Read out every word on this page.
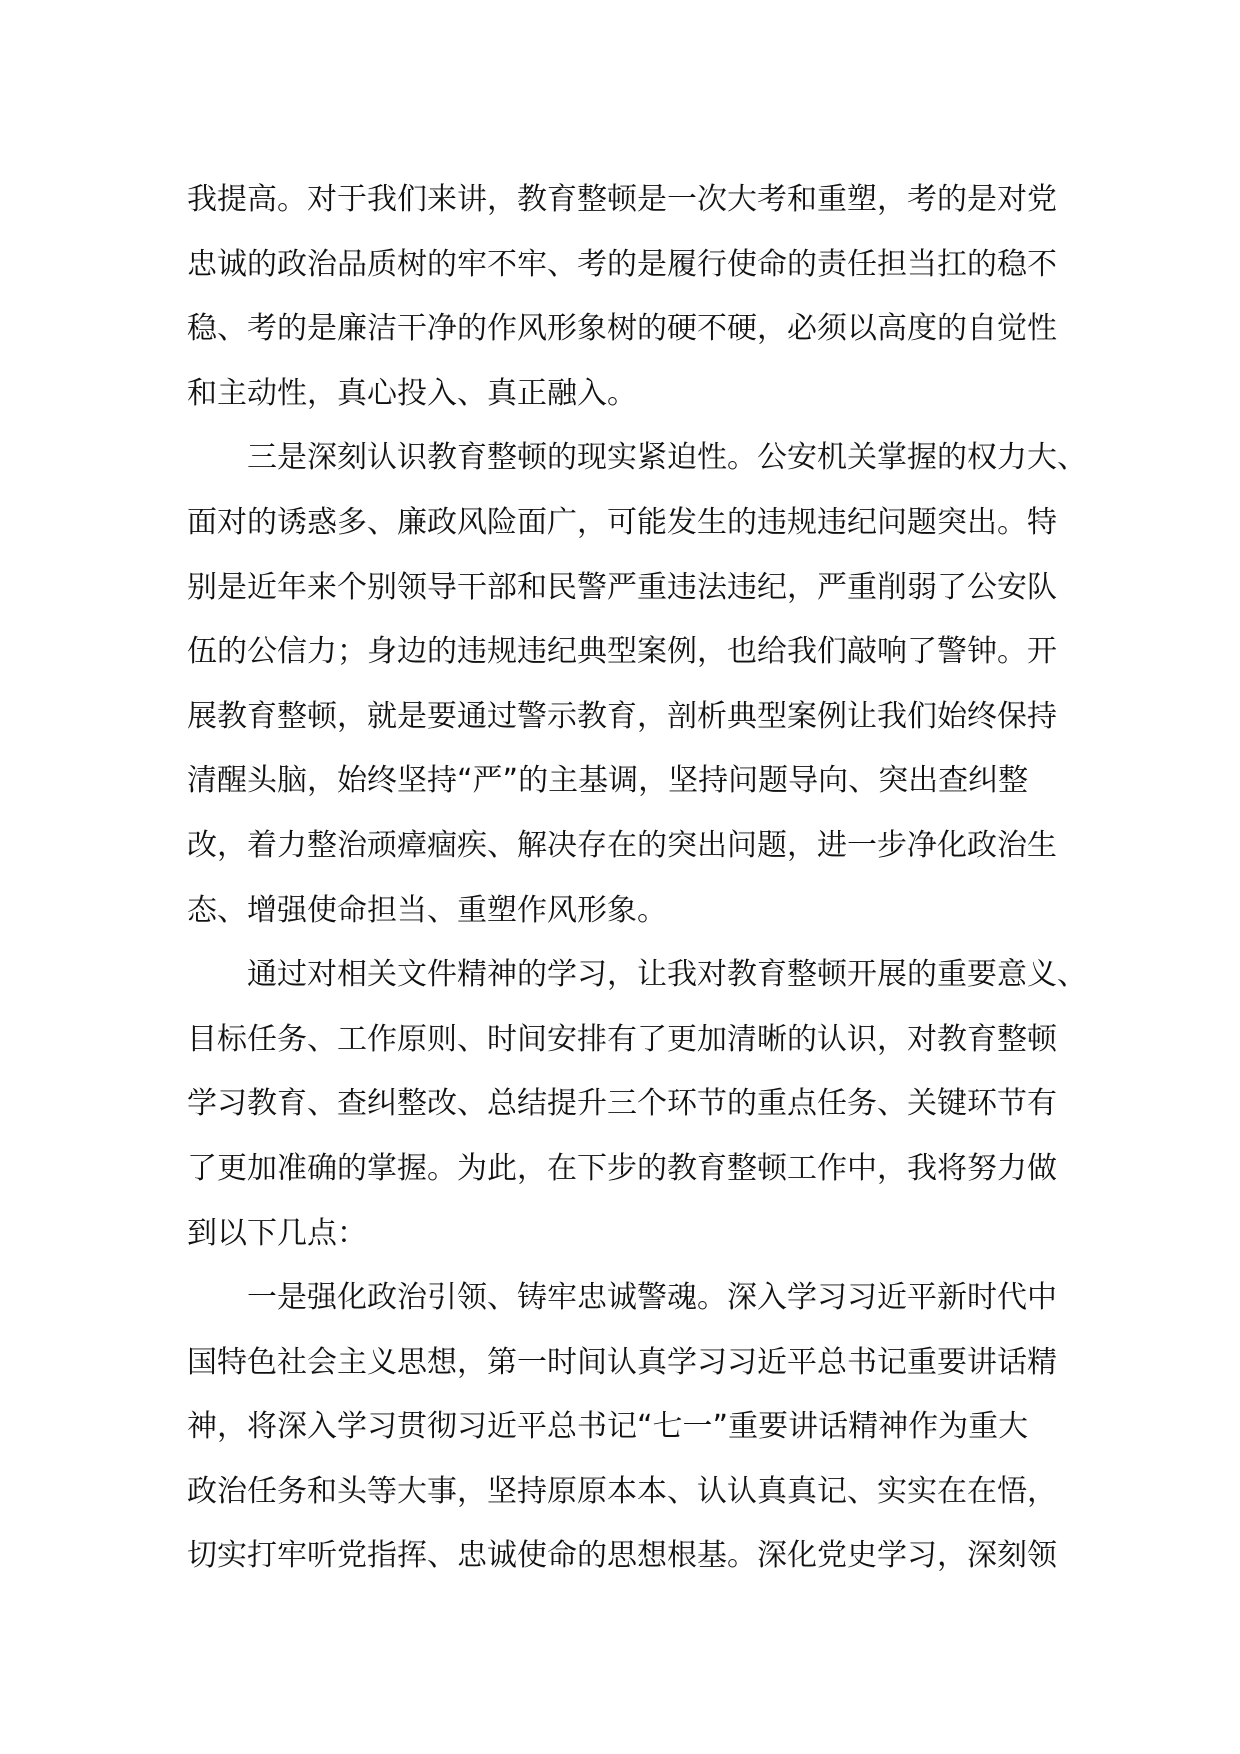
我提高。对于我们来讲，教育整顿是一次大考和重塑，考的是对党
忠诚的政治品质树的牢不牢、考的是履行使命的责任担当扛的稳不
稳、考的是廉洁干净的作风形象树的硬不硬，必须以高度的自觉性
和主动性，真心投入、真正融入。
三是深刻认识教育整顿的现实紧迫性。公安机关掌握的权力大、
面对的诱惑多、廉政风险面广，可能发生的违规违纪问题突出。特
别是近年来个别领导干部和民警严重违法违纪，严重削弱了公安队
伍的公信力；身边的违规违纪典型案例，也给我们敲响了警钟。开
展教育整顿，就是要通过警示教育，剖析典型案例让我们始终保持
清醒头脑，始终坚持“严”的主基调，坚持问题导向、突出查纠整
改，着力整治顽瘴痼疾、解决存在的突出问题，进一步净化政治生
态、增强使命担当、重塑作风形象。
通过对相关文件精神的学习，让我对教育整顿开展的重要意义、
目标任务、工作原则、时间安排有了更加清晰的认识，对教育整顿
学习教育、查纠整改、总结提升三个环节的重点任务、关键环节有
了更加准确的掌握。为此，在下步的教育整顿工作中，我将努力做
到以下几点：
一是强化政治引领、铸牢忠诚警魂。深入学习习近平新时代中
国特色社会主义思想，第一时间认真学习习近平总书记重要讲话精
神，将深入学习贯彻习近平总书记“七一”重要讲话精神作为重大
政治任务和头等大事，坚持原原本本、认认真真记、实实在在悟，
切实打牢听党指挥、忠诚使命的思想根基。深化党史学习，深刻领
